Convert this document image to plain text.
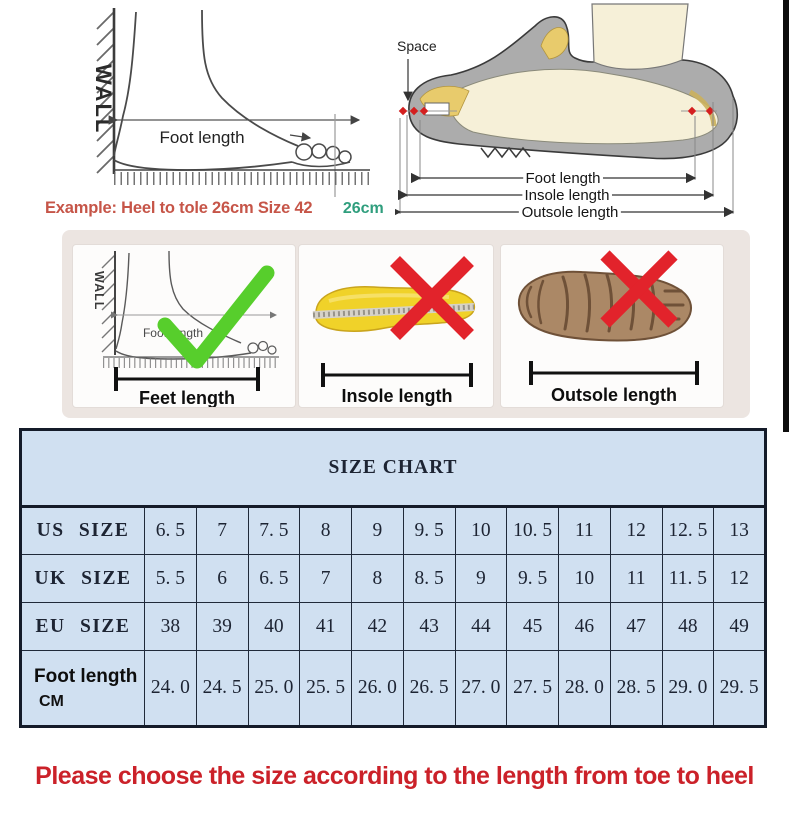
WALL
Foot length
Example: Heel to tole 26cm Size 42 26cm
Space
Foot length
Insole length
Outsole length
WALL
Foot length
Feet length	Insole length	Outsole length
SIZE CHART												
US SIZE	6. 5	7	7. 5	8	9	9. 5	10	10. 5	11	12	12. 5	13
UK SIZE	5. 5	6	6. 5	7	8	8. 5	9	9. 5	10	11	11. 5	12
EU SIZE	38	39	40	41	42	43	44	45	46	47	48	49

Foot length
CM	24. 0	24. 5	25. 0	25. 5	26. 0	26. 5	27. 0	27. 5	28. 0	28. 5	29. 0	29. 5
Please choose the size according to the length from toe to heel
